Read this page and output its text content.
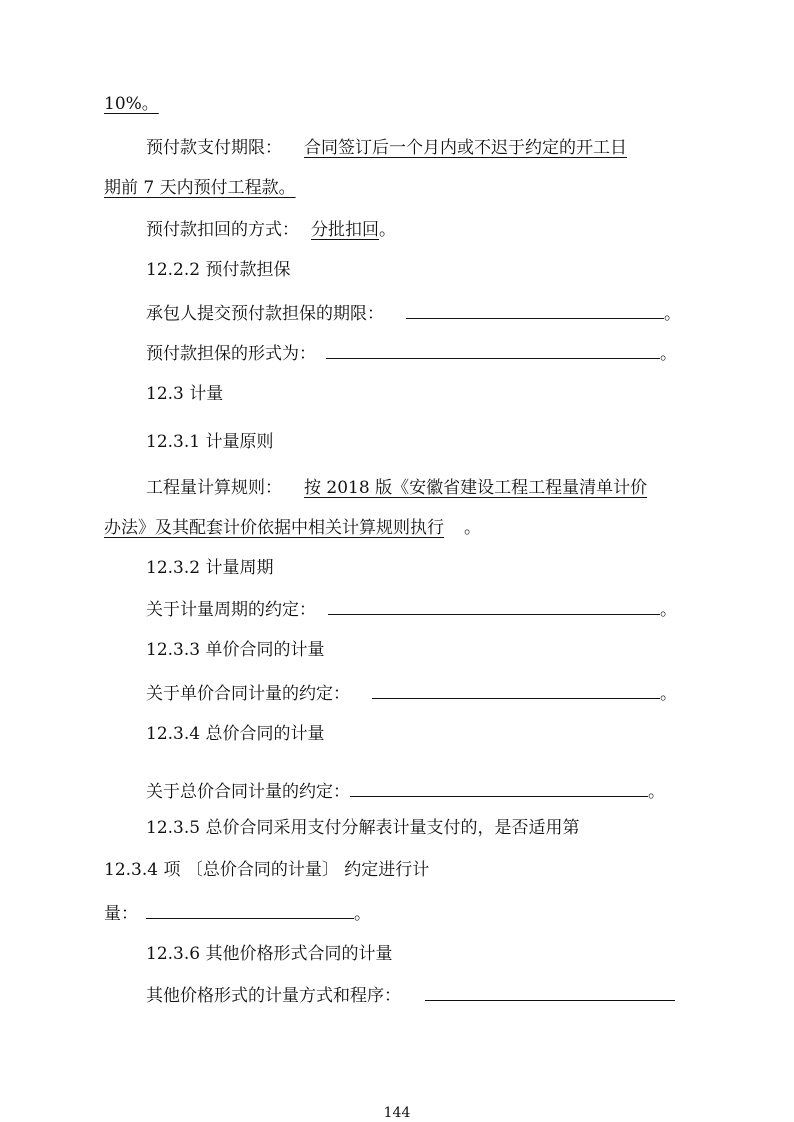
10%。
预付款支付期限： 合同签订后一个月内或不迟于约定的开工日
期前 7 天内预付工程款。
预付款扣回的方式： 分批扣回。
12.2.2 预付款担保
承包人提交预付款担保的期限：	。
预付款担保的形式为：	。
12.3 计量
12.3.1 计量原则
工程量计算规则： 按 2018 版《安徽省建设工程工程量清单计价
办法》及其配套计价依据中相关计算规则执行 。
12.3.2 计量周期
关于计量周期的约定：	。
12.3.3 单价合同的计量
关于单价合同计量的约定：	。
12.3.4 总价合同的计量
关于总价合同计量的约定：	。
12.3.5 总价合同采用支付分解表计量支付的，是否适用第
12.3.4 项 〔总价合同的计量〕 约定进行计
量：	。
12.3.6 其他价格形式合同的计量
其他价格形式的计量方式和程序：
144
